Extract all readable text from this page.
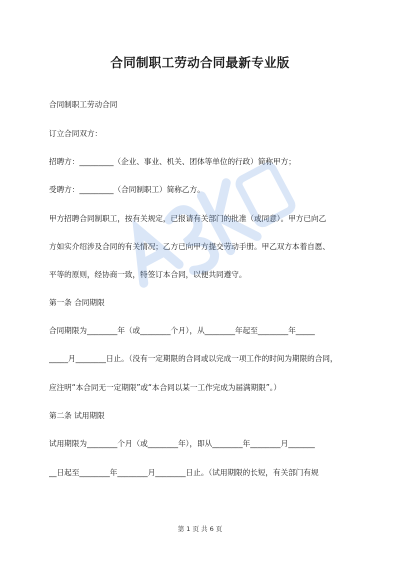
合同制职工劳动合同最新专业版
合同制职工劳动合同
订立合同双方：
招聘方：_________（企业、事业、机关、团体等单位的行政）简称甲方；
受聘方：_________（合同制职工）简称乙方。
甲方招聘合同制职工，按有关规定，已报请有关部门的批准（或同意）。甲方已向乙
方如实介绍涉及合同的有关情况；乙方已向甲方提交劳动手册。甲乙双方本着自愿、
平等的原则，经协商一致，特签订本合同，以便共同遵守。
第一条 合同期限
合同期限为________年（或________个月），从________年起至________年_____
_____月________日止。（没有一定期限的合同或以完成一项工作的时间为期限的合同，
应注明“本合同无一定期限”或“本合同以某一工作完成为届满期限”。）
第二条 试用期限
试用期限为________个月（或________年），即从________年________月_______
__日起至________年________月________日止。（试用期限的长短，有关部门有规
第 1 页 共 6 页
